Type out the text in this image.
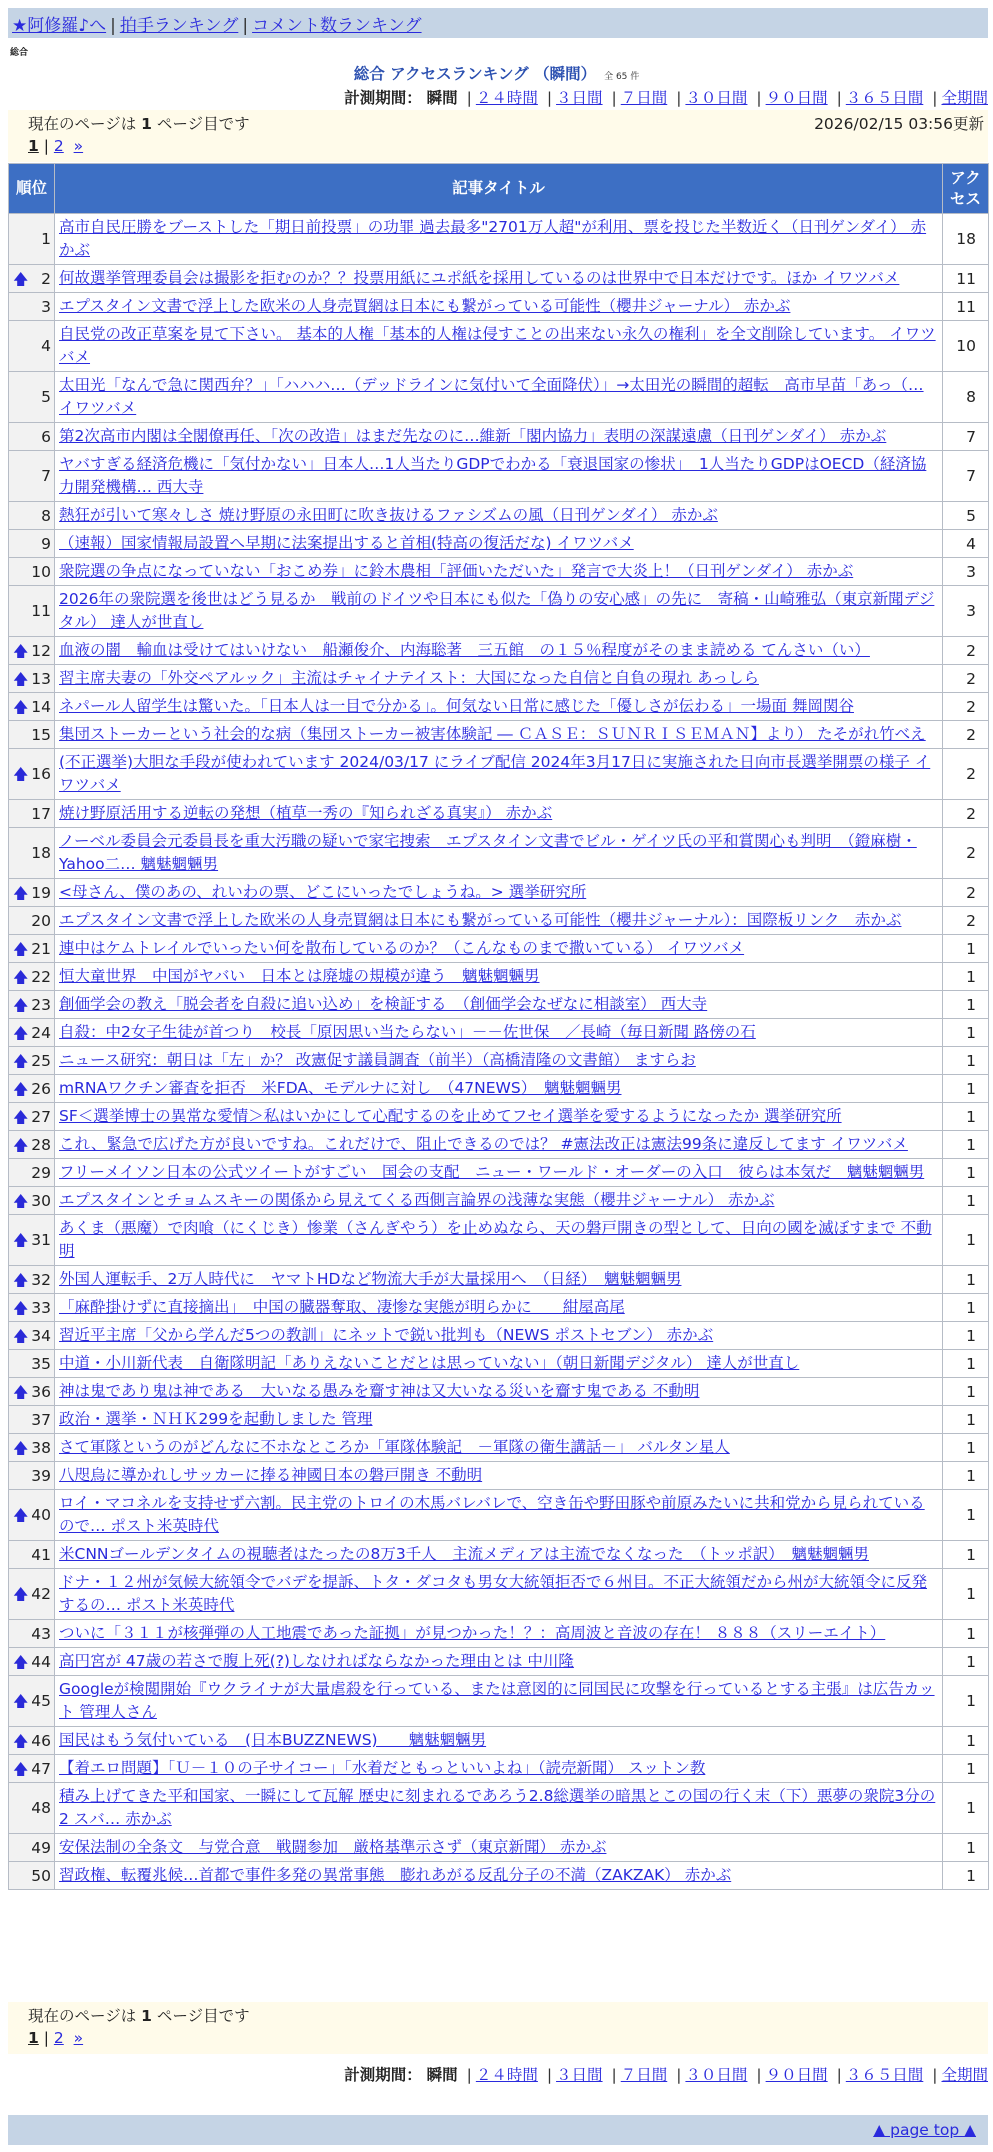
★阿修羅♪へ | 拍手ランキング | コメント数ランキング
総合
総合 アクセスランキング （瞬間） 全 65 件
計測期間： 瞬間 | ２４時間 | ３日間 | ７日間 | ３０日間 | ９０日間 | ３６５日間 | 全期間
現在のページは 1 ページ目です	2026/02/15 03:56更新
1 | 2 »
順位	記事タイトル	アクセス
1	高市自民圧勝をブーストした「期日前投票」の功罪 過去最多"2701万人超"が利用、票を投じた半数近く（日刊ゲンダイ） 赤かぶ	18

🡅 2	何故選挙管理委員会は撮影を拒むのか？？投票用紙にユポ紙を採用しているのは世界中で日本だけです。ほか イワツバメ	11
3	エプスタイン文書で浮上した欧米の人身売買網は日本にも繋がっている可能性（櫻井ジャーナル） 赤かぶ	11
4	自民党の改正草案を見て下さい。 基本的人権「基本的人権は侵すことの出来ない永久の権利」を全文削除しています。 イワツバメ	10
5	太田光「なんで急に関西弁？」「ハハハ…（デッドラインに気付いて全面降伏）」→太田光の瞬間的超転　高市早苗「あっ（… イワツバメ	8
6	第2次高市内閣は全閣僚再任、「次の改造」はまだ先なのに…維新「閣内協力」表明の深謀遠慮（日刊ゲンダイ） 赤かぶ	7
7	ヤバすぎる経済危機に「気付かない」日本人…1人当たりGDPでわかる「衰退国家の惨状」　1人当たりGDPはOECD（経済協力開発機構… 西大寺	7
8	熱狂が引いて寒々しさ 焼け野原の永田町に吹き抜けるファシズムの風（日刊ゲンダイ） 赤かぶ	5
9	（速報）国家情報局設置へ早期に法案提出すると首相(特高の復活だな) イワツバメ	4
10	衆院選の争点になっていない「おこめ券」に鈴木農相「評価いただいた」発言で大炎上！（日刊ゲンダイ） 赤かぶ	3
11	2026年の衆院選を後世はどう見るか　戦前のドイツや日本にも似た「偽りの安心感」の先に　寄稿・山崎雅弘（東京新聞デジタル） 達人が世直し	3

🡅 12	血液の闇　輸血は受けてはいけない　船瀬俊介、内海聡著　三五館　の１５％程度がそのまま読める てんさい（い）	2

🡅 13	習主席夫妻の「外交ペアルック」主流はチャイナテイスト：大国になった自信と自負の現れ あっしら	2

🡅 14	ネパール人留学生は驚いた。「日本人は一目で分かる」。何気ない日常に感じた「優しさが伝わる」一場面 舞岡関谷	2
15	集団ストーカーという社会的な病（集団ストーカー被害体験記 ― ＣＡＳＥ：ＳＵＮＲＩＳＥＭＡＮ】より） たそがれ竹べえ	2

🡅 16	(不正選挙)大胆な手段が使われています 2024/03/17 にライブ配信 2024年3月17日に実施された日向市長選挙開票の様子 イワツバメ	2
17	焼け野原活用する逆転の発想（植草一秀の『知られざる真実』） 赤かぶ	2
18	ノーベル委員会元委員長を重大汚職の疑いで家宅捜索　エプスタイン文書でビル・ゲイツ氏の平和賞関心も判明　（鐙麻樹・Yahoo二… 魑魅魍魎男	2

🡅 19	<母さん、僕のあの、れいわの票、どこにいったでしょうね。> 選挙研究所	2
20	エプスタイン文書で浮上した欧米の人身売買網は日本にも繋がっている可能性（櫻井ジャーナル）：国際板リンク　赤かぶ	2

🡅 21	連中はケムトレイルでいったい何を散布しているのか？（こんなものまで撒いている） イワツバメ	1

🡅 22	恒大童世界　中国がヤバい　日本とは廃墟の規模が違う　魑魅魍魎男	1

🡅 23	創価学会の教え「脱会者を自殺に追い込め」を検証する　（創価学会なぜなに相談室） 西大寺	1

🡅 24	自殺：中2女子生徒が首つり　校長「原因思い当たらない」－－佐世保　／長崎（毎日新聞 路傍の石	1

🡅 25	ニュース研究：朝日は「左」か？ 改憲促す議員調査（前半）（高橋清隆の文書館） ますらお	1

🡅 26	mRNAワクチン審査を拒否　米FDA、モデルナに対し　（47NEWS）　魑魅魍魎男	1

🡅 27	SF＜選挙博士の異常な愛情＞私はいかにして心配するのを止めてフセイ選挙を愛するようになったか 選挙研究所	1

🡅 28	これ、緊急で広げた方が良いですね。これだけで、阻止できるのでは？ #憲法改正は憲法99条に違反してます イワツバメ	1
29	フリーメイソン日本の公式ツイートがすごい　国会の支配　ニュー・ワールド・オーダーの入口　彼らは本気だ　魑魅魍魎男	1

🡅 30	エプスタインとチョムスキーの関係から見えてくる西側言論界の浅薄な実態（櫻井ジャーナル） 赤かぶ	1

🡅 31	あくま（悪魔）で肉喰（にくじき）惨業（さんぎやう）を止めぬなら、天の磐戸開きの型として、日向の國を滅ぼすまで 不動明	1

🡅 32	外国人運転手、2万人時代に　ヤマトHDなど物流大手が大量採用へ　（日経）　魑魅魍魎男	1

🡅 33	「麻酔掛けずに直接摘出」　中国の臓器奪取、凄惨な実態が明らかに　　紺屋高尾	1

🡅 34	習近平主席「父から学んだ5つの教訓」にネットで鋭い批判も（NEWS ポストセブン） 赤かぶ	1
35	中道・小川新代表　自衛隊明記「ありえないことだとは思っていない」（朝日新聞デジタル） 達人が世直し	1

🡅 36	神は鬼であり鬼は神である　大いなる愚みを齎す神は又大いなる災いを齎す鬼である 不動明	1
37	政治・選挙・ＮＨＫ299を起動しました 管理	1

🡅 38	さて軍隊というのがどんなに不ホなところか「軍隊体験記　－軍隊の衛生講話－」 バルタン星人	1
39	八咫烏に導かれしサッカーに捧る神國日本の磐戸開き 不動明	1

🡅 40	ロイ・マコネルを支持せず六割。民主党のトロイの木馬バレバレで、空き缶や野田豚や前原みたいに共和党から見られているので… ポスト米英時代	1
41	米CNNゴールデンタイムの視聴者はたったの8万3千人　主流メディアは主流でなくなった　（トッポ訳）　魑魅魍魎男	1

🡅 42	ドナ・１２州が気候大統領令でバデを提訴、トタ・ダコタも男女大統領拒否で６州目。不正大統領だから州が大統領令に反発するの… ポスト米英時代	1
43	ついに「３１１が核弾弾の人工地震であった証拠」が見つかった！？：高周波と音波の存在！ ８８８（スリーエイト）	1

🡅 44	高円宮が 47歳の若さで腹上死(?)しなければならなかった理由とは 中川隆	1

🡅 45	Googleが検閲開始『ウクライナが大量虐殺を行っている、または意図的に同国民に攻撃を行っているとする主張』は広告カット 管理人さん	1

🡅 46	国民はもう気付いている　(日本BUZZNEWS)　　魑魅魍魎男	1

🡅 47	【着エロ問題】「Ｕ－１０の子サイコー」「水着だともっといいよね」（読売新聞） スットン教	1
48	積み上げてきた平和国家、一瞬にして瓦解 歴史に刻まれるであろう2.8総選挙の暗黒とこの国の行く末（下）悪夢の衆院3分の2 スバ… 赤かぶ	1
49	安保法制の全条文　与党合意　戦闘参加　厳格基準示さず（東京新聞） 赤かぶ	1
50	習政権、転覆兆候…首都で事件多発の異常事態　膨れあがる反乱分子の不満（ZAKZAK） 赤かぶ	1
現在のページは 1 ページ目です
1 | 2 »
計測期間： 瞬間 | ２４時間 | ３日間 | ７日間 | ３０日間 | ９０日間 | ３６５日間 | 全期間
▲ page top ▲
